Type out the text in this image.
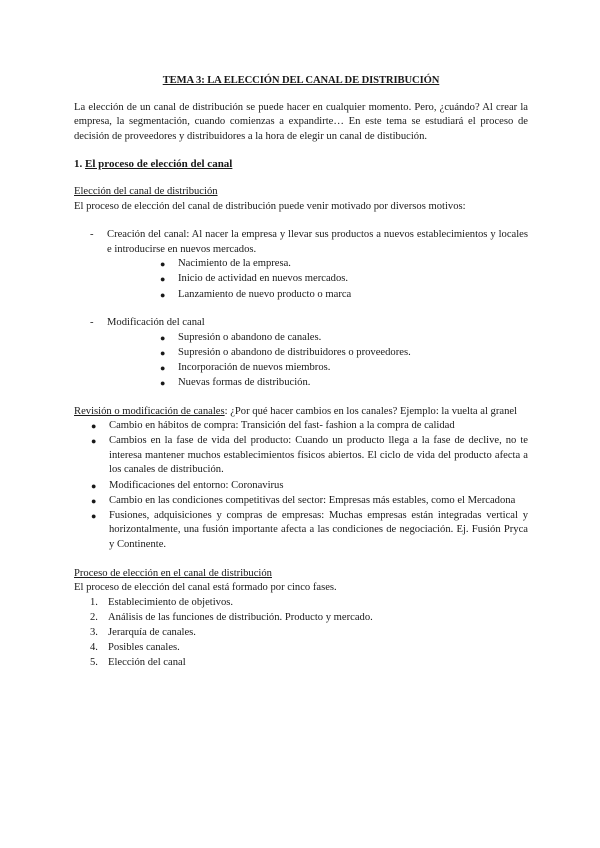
TEMA 3: LA ELECCIÓN DEL CANAL DE DISTRIBUCIÓN

La elección de un canal de distribución se puede hacer en cualquier momento. Pero, ¿cuándo? Al crear la empresa, la segmentación, cuando comienzas a expandirte… En este tema se estudiará el proceso de decisión de proveedores y distribuidores a la hora de elegir un canal de distibución.

1. El proceso de elección del canal

Elección del canal de distribución

El proceso de elección del canal de distribución puede venir motivado por diversos motivos:

- Creación del canal: Al nacer la empresa y llevar sus productos a nuevos establecimientos y locales e introducirse en nuevos mercados.
● Nacimiento de la empresa.
● Inicio de actividad en nuevos mercados.
● Lanzamiento de nuevo producto o marca
- Modificación del canal
● Supresión o abandono de canales.
● Supresión o abandono de distribuidores o proveedores.
● Incorporación de nuevos miembros.
● Nuevas formas de distribución.

Revisión o modificación de canales: ¿Por qué hacer cambios en los canales? Ejemplo: la vuelta al granel

● Cambio en hábitos de compra: Transición del fast- fashion a la compra de calidad
● Cambios en la fase de vida del producto: Cuando un producto llega a la fase de declive, no te interesa mantener muchos establecimientos físicos abiertos. El ciclo de vida del producto afecta a los canales de distribución.
● Modificaciones del entorno: Coronavirus
● Cambio en las condiciones competitivas del sector: Empresas más estables, como el Mercadona
● Fusiones, adquisiciones y compras de empresas: Muchas empresas están integradas vertical y horizontalmente, una fusión importante afecta a las condiciones de negociación. Ej. Fusión Pryca y Continente.

Proceso de elección en el canal de distribución

El proceso de elección del canal está formado por cinco fases.

1. Establecimiento de objetivos.
2. Análisis de las funciones de distribución. Producto y mercado.
3. Jerarquía de canales.
4. Posibles canales.
5. Elección del canal
